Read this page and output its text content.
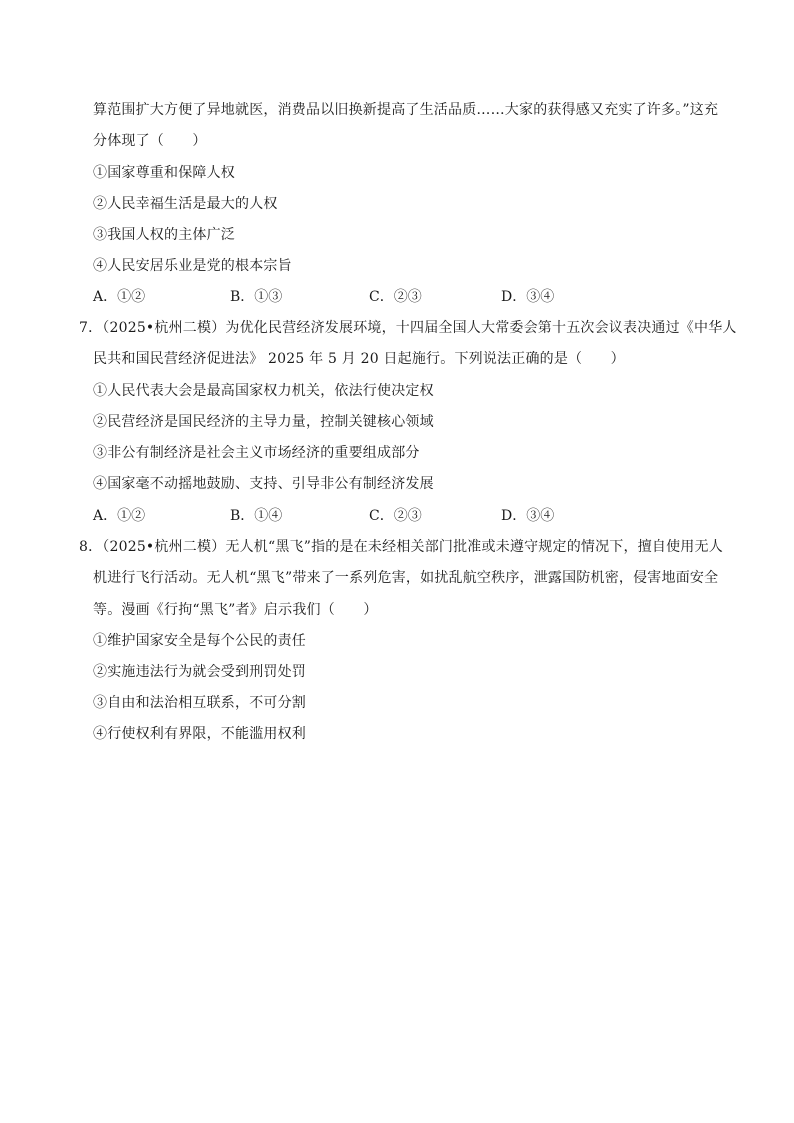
算范围扩大方便了异地就医，消费品以旧换新提高了生活品质……大家的获得感又充实了许多。”这充
分体现了（　　）
①国家尊重和保障人权
②人民幸福生活是最大的人权
③我国人权的主体广泛
④人民安居乐业是党的根本宗旨
A．①②	B．①③	C．②③	D．③④
7．（2025•杭州二模）为优化民营经济发展环境，十四届全国人大常委会第十五次会议表决通过《中华人
民共和国民营经济促进法》 2025 年 5 月 20 日起施行。下列说法正确的是（　　）
①人民代表大会是最高国家权力机关，依法行使决定权
②民营经济是国民经济的主导力量，控制关键核心领域
③非公有制经济是社会主义市场经济的重要组成部分
④国家毫不动摇地鼓励、支持、引导非公有制经济发展
A．①②	B．①④	C．②③	D．③④
8．（2025•杭州二模）无人机“黑飞”指的是在未经相关部门批准或未遵守规定的情况下，擅自使用无人
机进行飞行活动。无人机“黑飞”带来了一系列危害，如扰乱航空秩序，泄露国防机密，侵害地面安全
等。漫画《行拘“黑飞”者》启示我们（　　）
①维护国家安全是每个公民的责任
②实施违法行为就会受到刑罚处罚
③自由和法治相互联系，不可分割
④行使权利有界限，不能滥用权利
